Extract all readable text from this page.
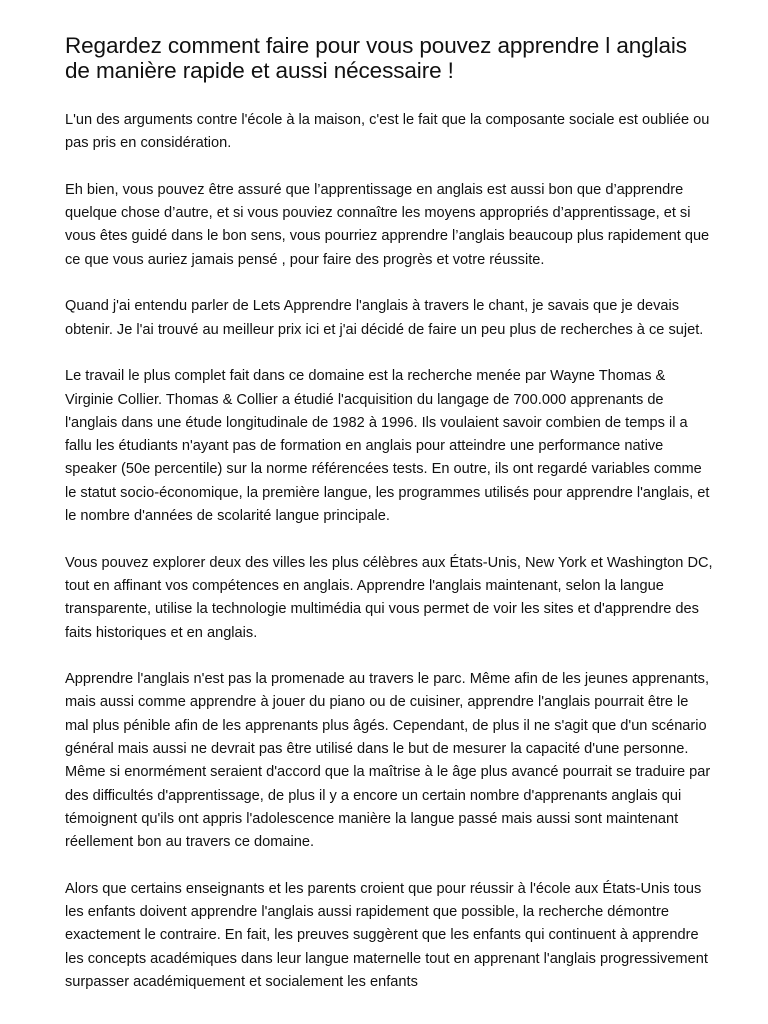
Regardez comment faire pour vous pouvez apprendre l anglais de manière rapide et aussi nécessaire !

L'un des arguments contre l'école à la maison, c'est le fait que la composante sociale est oubliée ou pas pris en considération.

Eh bien, vous pouvez être assuré que l’apprentissage en anglais est aussi bon que d’apprendre quelque chose d’autre, et si vous pouviez connaître les moyens appropriés d’apprentissage, et si vous êtes guidé dans le bon sens, vous pourriez apprendre l’anglais beaucoup plus rapidement que ce que vous auriez jamais pensé , pour faire des progrès et votre réussite.

Quand j'ai entendu parler de Lets Apprendre l'anglais à travers le chant, je savais que je devais obtenir. Je l'ai trouvé au meilleur prix ici et j'ai décidé de faire un peu plus de recherches à ce sujet.

Le travail le plus complet fait dans ce domaine est la recherche menée par Wayne Thomas & Virginie Collier. Thomas & Collier a étudié l'acquisition du langage de 700.000 apprenants de l'anglais dans une étude longitudinale de 1982 à 1996. Ils voulaient savoir combien de temps il a fallu les étudiants n'ayant pas de formation en anglais pour atteindre une performance native speaker (50e percentile) sur la norme référencées tests. En outre, ils ont regardé variables comme le statut socio-économique, la première langue, les programmes utilisés pour apprendre l'anglais, et le nombre d'années de scolarité langue principale.

Vous pouvez explorer deux des villes les plus célèbres aux États-Unis, New York et Washington DC, tout en affinant vos compétences en anglais. Apprendre l'anglais maintenant, selon la langue transparente, utilise la technologie multimédia qui vous permet de voir les sites et d'apprendre des faits historiques et en anglais.

Apprendre l'anglais n'est pas la promenade au travers le parc. Même afin de les jeunes apprenants, mais aussi comme apprendre à jouer du piano ou de cuisiner, apprendre l'anglais pourrait être le mal plus pénible afin de les apprenants plus âgés. Cependant, de plus il ne s'agit que d'un scénario général mais aussi ne devrait pas être utilisé dans le but de mesurer la capacité d'une personne. Même si enormément seraient d'accord que la maîtrise à le âge plus avancé pourrait se traduire par des difficultés d'apprentissage, de plus il y a encore un certain nombre d'apprenants anglais qui témoignent qu'ils ont appris l'adolescence manière la langue passé mais aussi sont maintenant réellement bon au travers ce domaine.

Alors que certains enseignants et les parents croient que pour réussir à l'école aux États-Unis tous les enfants doivent apprendre l'anglais aussi rapidement que possible, la recherche démontre exactement le contraire. En fait, les preuves suggèrent que les enfants qui continuent à apprendre les concepts académiques dans leur langue maternelle tout en apprenant l'anglais progressivement surpasser académiquement et socialement les enfants
